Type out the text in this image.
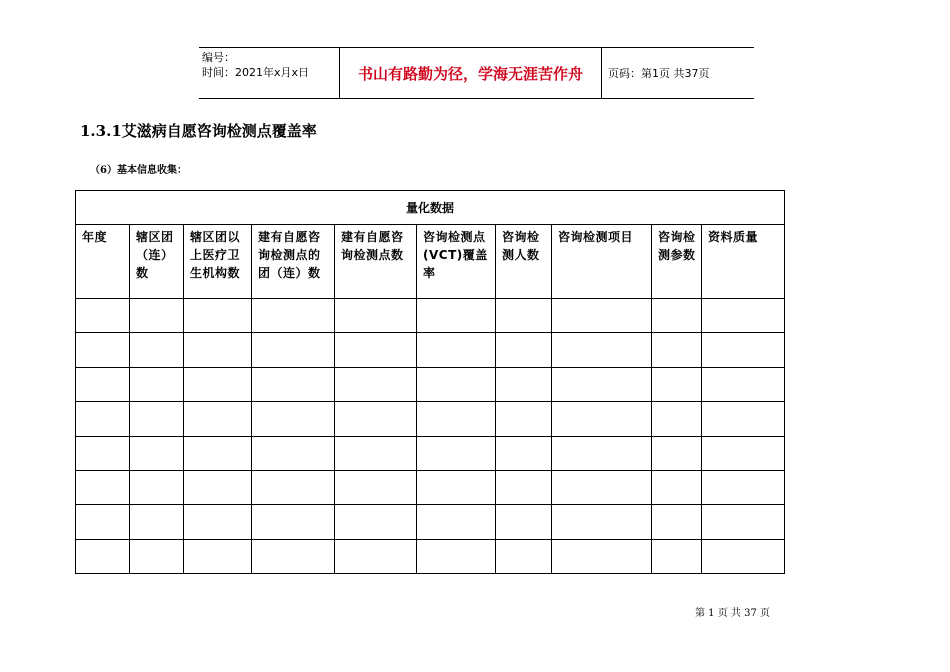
编号：
时间：2021年x月x日	书山有路勤为径，学海无涯苦作舟	页码：第1页 共37页
1.3.1艾滋病自愿咨询检测点覆盖率
（6）基本信息收集：
量化数据									
年度	辖区团（连）数	辖区团以上医疗卫生机构数	建有自愿咨询检测点的团（连）数	建有自愿咨询检测点数	咨询检测点(VCT)覆盖率	咨询检测人数	咨询检测项目	咨询检测参数	资料质量

第 1 页 共 37 页
